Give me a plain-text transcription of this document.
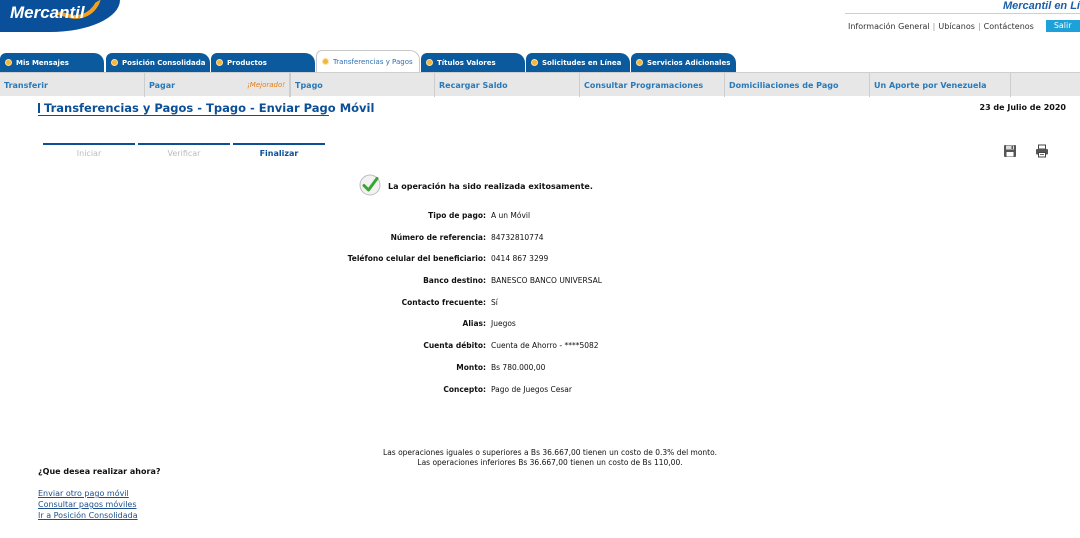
Mercantil	Mercantil en Lí
Información General | Ubícanos | Contáctenos	Salir
Mis Mensajes	Posición Consolidada	Productos	Transferencias y Pagos	Títulos Valores	Solicitudes en Línea	Servicios Adicionales
Transferir	Pagar	Tpago
¡Mejorado!	Recargar Saldo	Consultar Programaciones	Domiciliaciones de Pago	Un Aporte por Venezuela
Transferencias y Pagos - Tpago - Enviar Pago Móvil	23 de Julio de 2020
Iniciar	Verificar	Finalizar
La operación ha sido realizada exitosamente.
Tipo de pago: A un Móvil
Número de referencia: 84732810774
Teléfono celular del beneficiario: 0414 867 3299
Banco destino: BANESCO BANCO UNIVERSAL
Contacto frecuente: Sí
Alias: Juegos
Cuenta débito: Cuenta de Ahorro - ****5082
Monto: Bs 780.000,00
Concepto: Pago de Juegos Cesar
Las operaciones iguales o superiores a Bs 36.667,00 tienen un costo de 0.3% del monto.
Las operaciones inferiores Bs 36.667,00 tienen un costo de Bs 110,00.
¿Que desea realizar ahora?
Enviar otro pago móvil
Consultar pagos móviles
Ir a Posición Consolidada
